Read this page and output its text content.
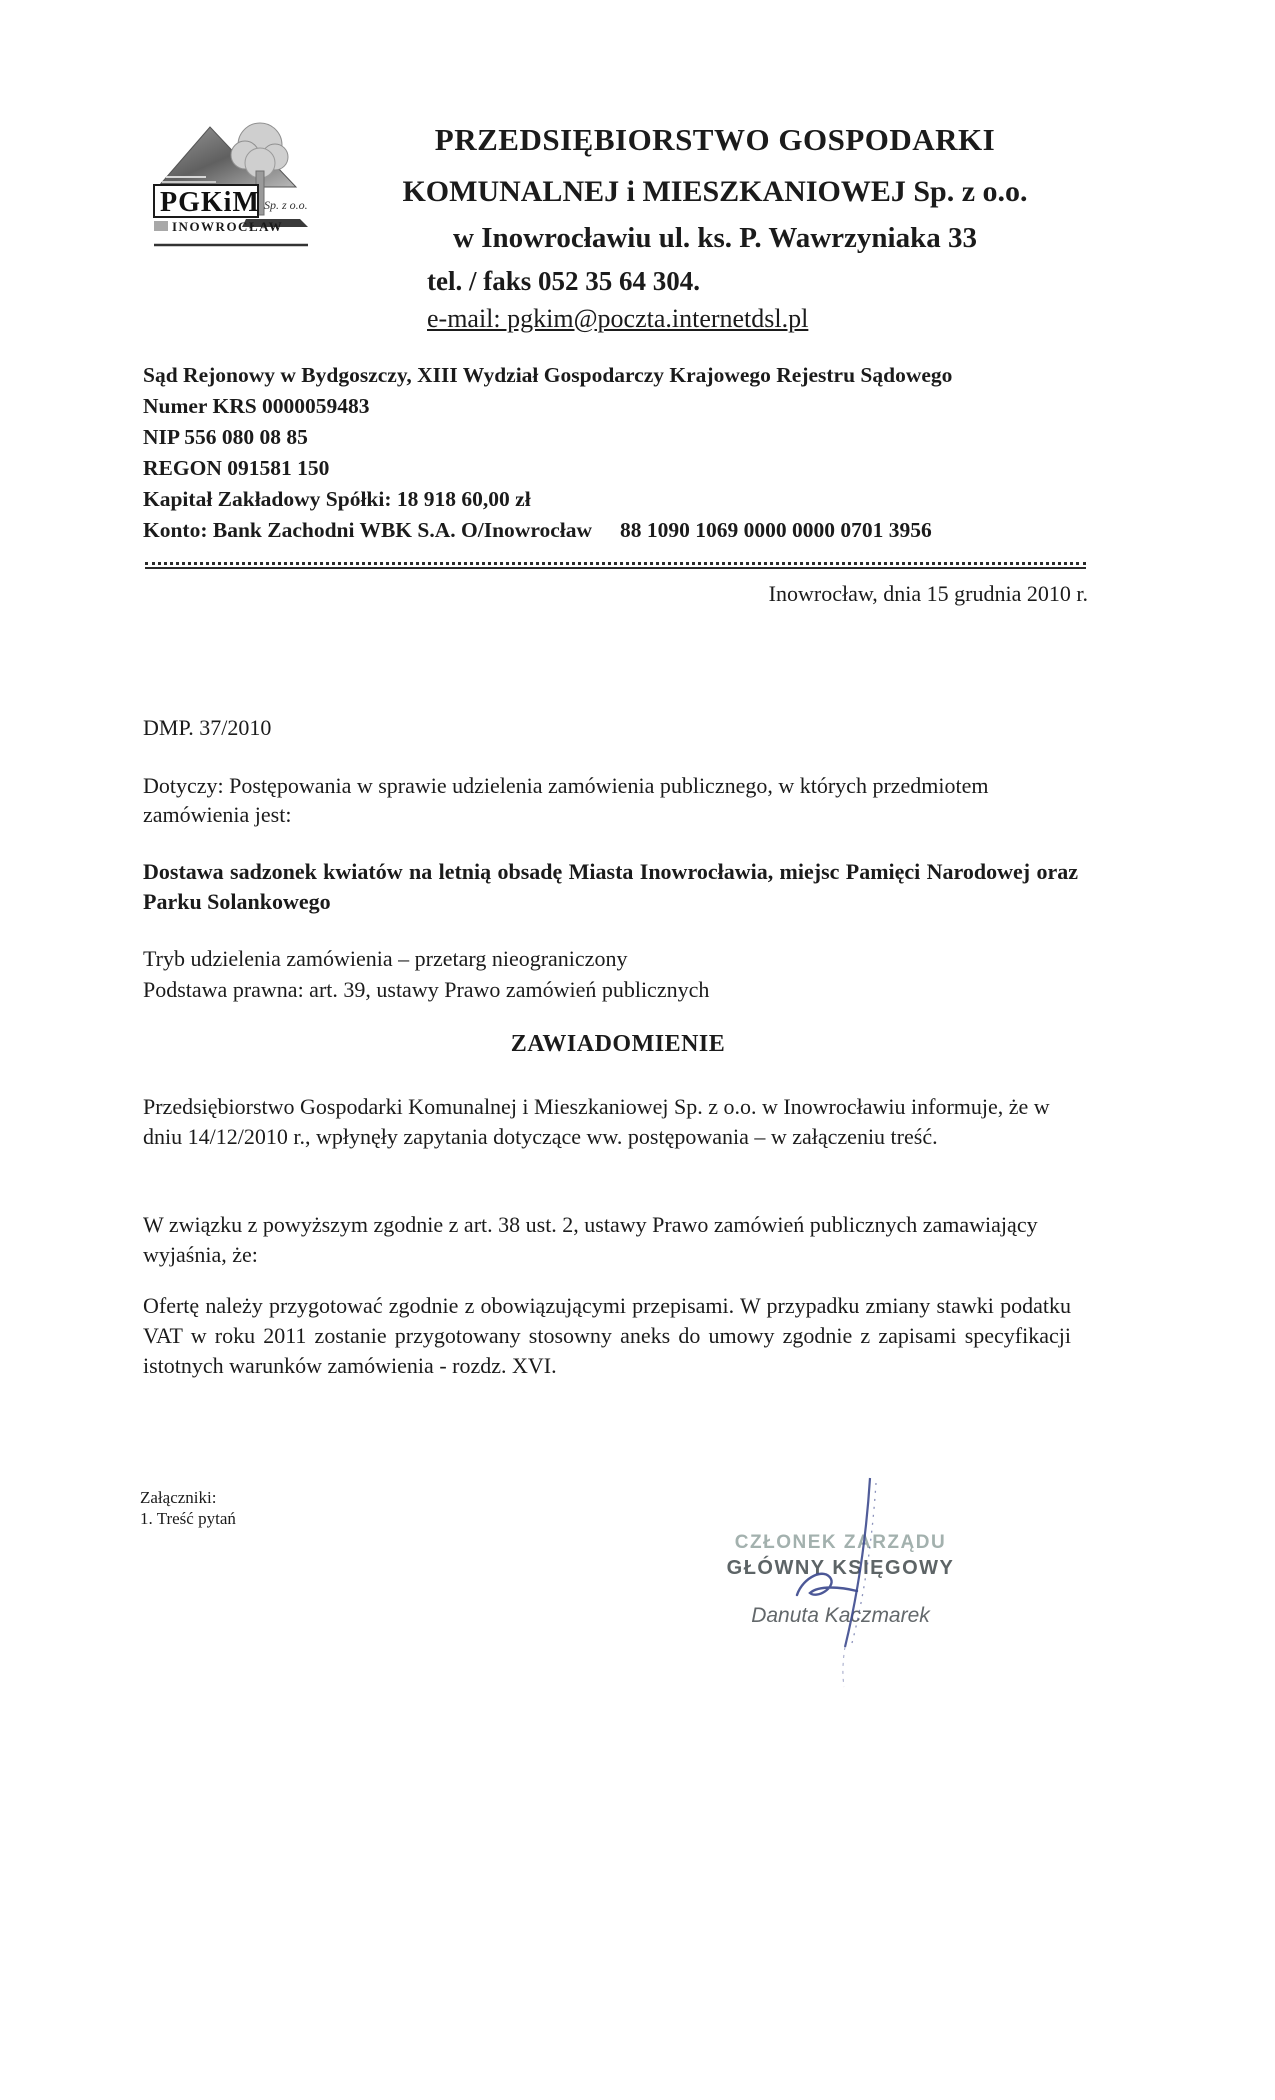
PGKiM Sp. z o.o.
INOWROCŁAW

PRZEDSIĘBIORSTWO GOSPODARKI

KOMUNALNEJ i MIESZKANIOWEJ Sp. z o.o.

w Inowrocławiu ul. ks. P. Wawrzyniaka 33

tel. / faks 052 35 64 304.
e-mail: pgkim@poczta.internetdsl.pl
Sąd Rejonowy w Bydgoszczy, XIII Wydział Gospodarczy Krajowego Rejestru Sądowego
Numer KRS 0000059483
NIP 556 080 08 85
REGON 091581 150
Kapitał Zakładowy Spółki: 18 918 60,00 zł
Konto: Bank Zachodni WBK S.A. O/Inowrocław 88 1090 1069 0000 0000 0701 3956
Inowrocław, dnia 15 grudnia 2010 r.
DMP. 37/2010
Dotyczy: Postępowania w sprawie udzielenia zamówienia publicznego, w których przedmiotem zamówienia jest:
Dostawa sadzonek kwiatów na letnią obsadę Miasta Inowrocławia, miejsc Pamięci Narodowej oraz Parku Solankowego
Tryb udzielenia zamówienia – przetarg nieograniczony
Podstawa prawna: art. 39, ustawy Prawo zamówień publicznych
ZAWIADOMIENIE
Przedsiębiorstwo Gospodarki Komunalnej i Mieszkaniowej Sp. z o.o. w Inowrocławiu informuje, że w dniu 14/12/2010 r., wpłynęły zapytania dotyczące ww. postępowania – w załączeniu treść.
W związku z powyższym zgodnie z art. 38 ust. 2, ustawy Prawo zamówień publicznych zamawiający wyjaśnia, że:
Ofertę należy przygotować zgodnie z obowiązującymi przepisami. W przypadku zmiany stawki podatku VAT w roku 2011 zostanie przygotowany stosowny aneks do umowy zgodnie z zapisami specyfikacji istotnych warunków zamówienia - rozdz. XVI.
Załączniki:
1. Treść pytań

CZŁONEK ZARZĄDU

GŁÓWNY KSIĘGOWY

Danuta Kaczmarek
